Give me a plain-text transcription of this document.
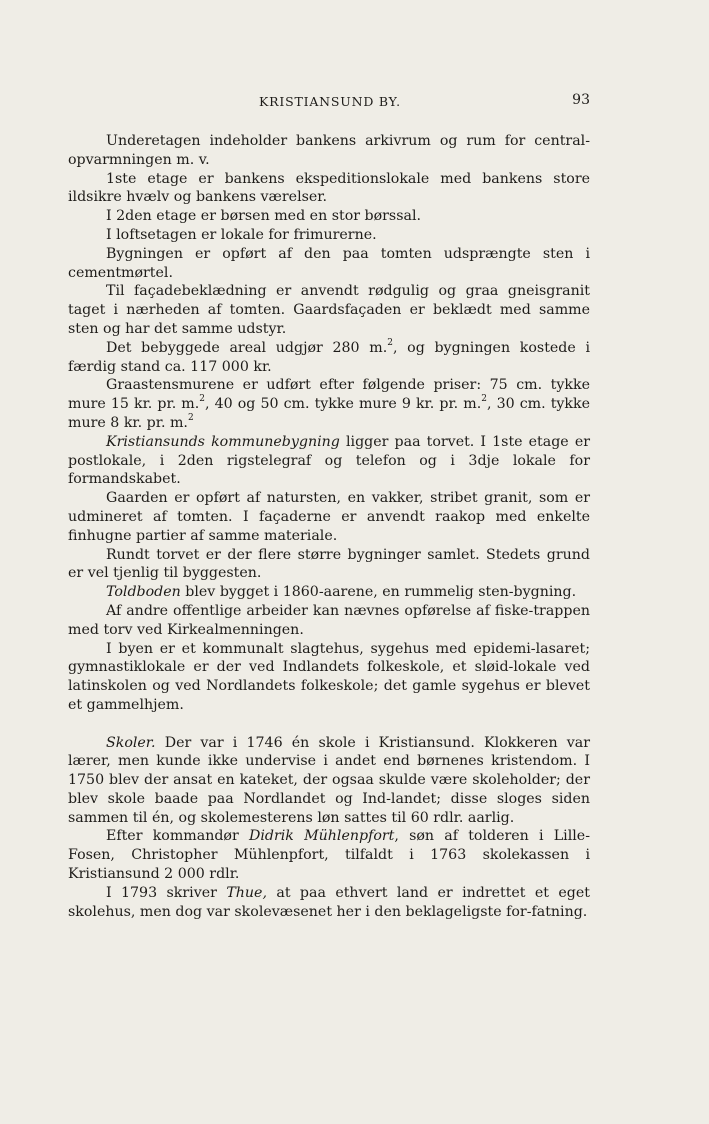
KRISTIANSUND BY.	93

Underetagen indeholder bankens arkivrum og rum for central-opvarmningen m. v.

1ste etage er bankens ekspeditionslokale med bankens store ildsikre hvælv og bankens værelser.

I 2den etage er børsen med en stor børssal.

I loftsetagen er lokale for frimurerne.

Bygningen er opført af den paa tomten udsprængte sten i cementmørtel.

Til façadebeklædning er anvendt rødgulig og graa gneisgranit taget i nærheden af tomten. Gaardsfaçaden er beklædt med samme sten og har det samme udstyr.

Det bebyggede areal udgjør 280 m.$^2$, og bygningen kostede i færdig stand ca. 117 000 kr.

Graastensmurene er udført efter følgende priser: 75 cm. tykke mure 15 kr. pr. m.$^2$, 40 og 50 cm. tykke mure 9 kr. pr. m.$^2$, 30 cm. tykke mure 8 kr. pr. m.$^2$

Kristiansunds kommunebygning ligger paa torvet. I 1ste etage er postlokale, i 2den rigstelegraf og telefon og i 3dje lokale for formandskabet.

Gaarden er opført af natursten, en vakker, stribet granit, som er udmineret af tomten. I façaderne er anvendt raakop med enkelte finhugne partier af samme materiale.

Rundt torvet er der flere større bygninger samlet. Stedets grund er vel tjenlig til byggesten.

Toldboden blev bygget i 1860-aarene, en rummelig sten-bygning.

Af andre offentlige arbeider kan nævnes opførelse af fiske-trappen med torv ved Kirkealmenningen.

I byen er et kommunalt slagtehus, sygehus med epidemi-lasaret; gymnastiklokale er der ved Indlandets folkeskole, et sløid-lokale ved latinskolen og ved Nordlandets folkeskole; det gamle sygehus er blevet et gammelhjem.

Skoler. Der var i 1746 én skole i Kristiansund. Klokkeren var lærer, men kunde ikke undervise i andet end børnenes kristendom. I 1750 blev der ansat en kateket, der ogsaa skulde være skoleholder; der blev skole baade paa Nordlandet og Ind-landet; disse sloges siden sammen til én, og skolemesterens løn sattes til 60 rdlr. aarlig.

Efter kommandør Didrik Mühlenpfort, søn af tolderen i Lille-Fosen, Christopher Mühlenpfort, tilfaldt i 1763 skolekassen i Kristiansund 2 000 rdlr.

I 1793 skriver Thue, at paa ethvert land er indrettet et eget skolehus, men dog var skolevæsenet her i den beklageligste for-fatning.
